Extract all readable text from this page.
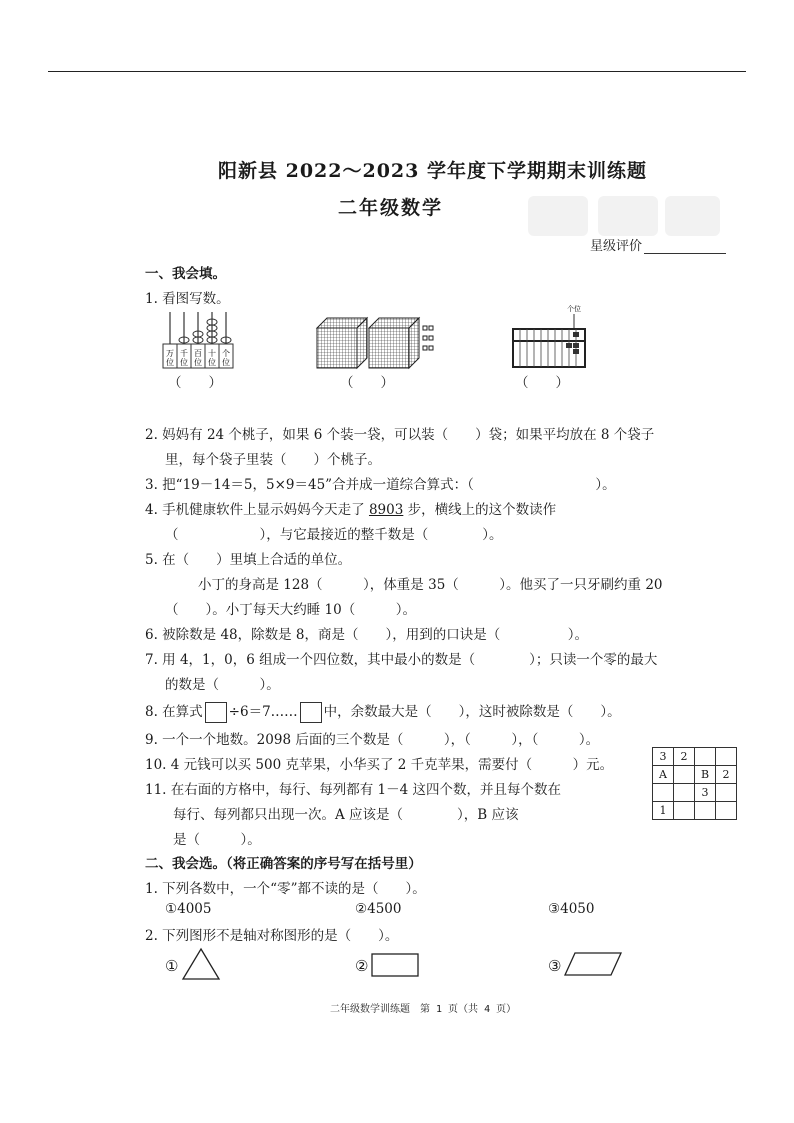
阳新县 2022～2023 学年度下学期期末训练题
二年级数学
星级评价
一、我会填。
1. 看图写数。
万 千 百 十 个
位 位 位 位 位
个位
（　　）	（　　）	（　　）
2. 妈妈有 24 个桃子，如果 6 个装一袋，可以装（　　）袋；如果平均放在 8 个袋子
里，每个袋子里装（　　）个桃子。
3. 把“19－14＝5，5×9＝45”合并成一道综合算式：（　　　　　　　　　）。
4. 手机健康软件上显示妈妈今天走了 8903 步，横线上的这个数读作
（　　　　　　），与它最接近的整千数是（　　　　）。
5. 在（　　）里填上合适的单位。
小丁的身高是 128（　　　），体重是 35（　　　）。他买了一只牙刷约重 20
（　　）。小丁每天大约睡 10（　　　）。
6. 被除数是 48，除数是 8，商是（　　），用到的口诀是（　　　　　）。
7. 用 4，1，0，6 组成一个四位数，其中最小的数是（　　　　）；只读一个零的最大
的数是（　　　）。
8. 在算式 ÷6＝7…… 中，余数最大是（　　），这时被除数是（　　）。
9. 一个一个地数。2098 后面的三个数是（　　　），（　　　），（　　　）。
10. 4 元钱可以买 500 克苹果，小华买了 2 千克苹果，需要付（　　　）元。
11. 在右面的方格中，每行、每列都有 1－4 这四个数，并且每个数在
每行、每列都只出现一次。A 应该是（　　　　），B 应该
是（　　　）。
3	2		
A		B	2
		3	
1			
二、我会选。（将正确答案的序号写在括号里）
1. 下列各数中，一个“零”都不读的是（　　）。
①4005	②4500	③4050
2. 下列图形不是轴对称图形的是（　　）。
①	②	③
二年级数学训练题　第 1 页（共 4 页）
